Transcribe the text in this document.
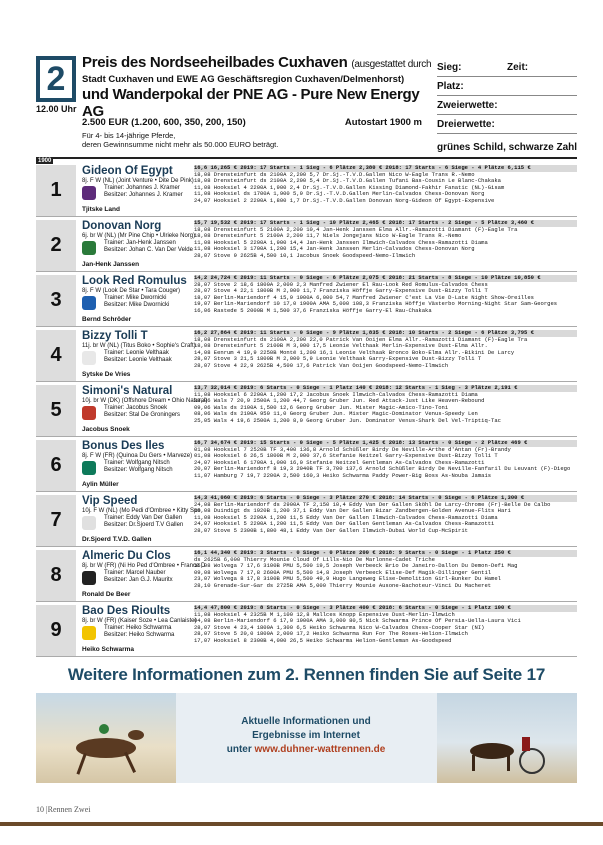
2
12.00 Uhr
Preis des Nordseeheilbades Cuxhaven (ausgestattet durch
Stadt Cuxhaven und EWE AG Geschäftsregion Cuxhaven/Delmenhorst)
und Wanderpokal der PNE AG - Pure New Energy AG
Autostart 1900 m
2.500 EUR (1.200, 600, 350, 200, 150)
Für 4- bis 14-jährige Pferde,
deren Gewinnsumme nicht mehr als 50.000 EURO beträgt.
Sieg:	Zeit:
Platz:
Zweierwette:
Dreierwette:
grünes Schild, schwarze Zahl
1900
1
Gideon Of Egypt
8j. F W (NL) (Joint Venture • Dite De Pink)
Trainer: Johannes J. Kramer
Besitzer: Johannes J. Kramer
Tjitske Land
16,6 16,265 € 2019: 17 Starts - 1 Sieg - 6 Plätze 2,380 € 2018: 17 Starts - 6 Siege - 4 Plätze 6,115 €
18,08 Drensteinfurt ds 2100A 2,200 5,7 Dr.Sj.-T.V.D.Gallen Nico W-Eagle Trans R.-Nemo
18,08 Drensteinfurt ds 2100A 2,200 5,4 Dr.Sj.-T.V.D.Gallen Tufani Bas-Cousin Le Blanc-Chakaka
11,08 Hooksiel 4 2200A 1,900 2,4 Dr.Sj.-T.V.D.Gallen Kissing Diamond-Fakhir Fanatic (NL)-Gisam
11,08 Hooksiel ds 1700A 1,900 5,9 Dr.Sj.-T.V.D.Gallen Merlin-Calvados Chess-Donovan Norg
24,07 Hooksiel 2 2200A 1,800 1,7 Dr.Sj.-T.V.D.Gallen Donovan Norg-Gideon Of Egypt-Expensive
2
Donovan Norg
6j. br W (NL) (Mr Pine Chip • Ulrieke Norg)
Trainer: Jan-Henk Janssen
Besitzer: Johan C. Van Der Velde
Jan-Henk Janssen
15,7 19,532 € 2019: 17 Starts - 1 Sieg - 10 Plätze 2,465 € 2018: 17 Starts - 2 Siege - 5 Plätze 3,460 €
18,08 Drensteinfurt 5 2100A 2,200 10,4 Jan-Henk Janssen Elma Allr.-Ramazotti Diamant (F)-Eagle Tra
18,08 Drensteinfurt 5 2100A 2,200 11,7 Niels Jongejans Nico W-Eagle Trans R.-Nemo
11,08 Hooksiel 5 2200A 1,900 14,4 Jan-Henk Janssen Ilmwich-Calvados Chess-Ramazotti Diama
11,08 Hooksiel 3 1700A 1,200 15,4 Jan-Henk Janssen Merlin-Calvados Chess-Donovan Norg
28,07 Stove 9 2625B 4,500 10,1 Jacobus Snoek Goodspeed-Nemo-Ilmwich
3
Look Red Romulus
8j. F W (Look De Star • Tara Couger)
Trainer: Mike Dwornicki
Besitzer: Mike Dwornicki
Bernd Schröder
14,2 24,724 € 2019: 11 Starts - 0 Siege - 6 Plätze 2,075 € 2018: 21 Starts - 8 Siege - 10 Plätze 10,850 €
28,07 Stove 2 18,6 1800A 2,000 2,3 Manfred Zwiener El Rau-Look Red Romulus-Calvados Chess
28,07 Stove 4 22,1 1800B M 2,000 11,7 Franziska Höffje Garry-Expensive Dust-Bizzy Tolli T
18,07 Berlin-Mariendorf 4 15,9 1900A 6,000 54,7 Manfred Zwiener C'est La Vie D-Late Night Show-Oreilles
19,07 Berlin-Mariendorf 10 17,0 1900A AMA 5,000 108,3 Franziska Höffje Västerbo Morning-Night Star Sam-Georges
16,06 Rastede 5 2000B M 1,500 37,6 Franziska Höffje Garry-El Rau-Chakaka
4
Bizzy Tolli T
11j. br W (NL) (Titus Boko • Sophie's Craft)
Trainer: Leonie Velthaak
Besitzer: Leonie Velthaak
Sytske De Vries
16,2 27,864 € 2019: 11 Starts - 0 Siege - 9 Plätze 1,835 € 2018: 10 Starts - 2 Siege - 6 Plätze 3,795 €
18,08 Drensteinfurt ds 2100A 2,200 22,0 Patrick Van Ooijen Elma Allr.-Ramazotti Diamant (F)-Eagle Tra
18,08 Drensteinfurt 5 2100B M 3,000 17,5 Leonie Velthaak Merlin-Expensive Dust-Elma Allr.
14,08 Eenrum 4 19,9 2250B Monté 1,200 16,1 Leonie Velthaak Bronco Boko-Elma Allr.-Bikini De Larcy
28,07 Stove 3 21,5 1800B M 2,000 5,9 Leonie Velthaak Garry-Expensive Dust-Bizzy Tolli T
28,07 Stove 4 22,9 2625B 4,500 17,6 Patrick Van Ooijen Goodspeed-Nemo-Ilmwich
5
Simoni's Natural
10j. br W (DK) (Offshore Dream • Ohio Natural)
Trainer: Jacobus Snoek
Besitzer: Stal De Groningers
Jacobus Snoek
13,7 32,014 € 2019: 6 Starts - 0 Siege - 1 Platz 140 € 2018: 12 Starts - 1 Sieg - 3 Plätze 2,191 €
11,08 Hooksiel 6 2200A 1,200 17,2 Jacobus Snoek Ilmwich-Calvados Chess-Ramazotti Diama
30,06 Wals 7 20,9 2500A 1,200 44,7 Georg Gruber Jun. Red Attack-Just Like Heaven-Rebound
09,06 Wals ds 2100A 1,500 12,6 Georg Gruber Jun. Mister Magic-Amico-Tino-Toni
08,06 Wals ds 2100A 950 11,0 Georg Gruber Jun. Mister Magic-Dominator Venus-Speedy Len
25,05 Wals 4 19,6 2500A 1,200 8,0 Georg Gruber Jun. Dominator Venus-Shark Del Vel-Triptiq-Tac
6
Bonus Des Iles
8j. F W (FR) (Quinoa Du Gers • Marveze)
Trainer: Wolfgang Nitsch
Besitzer: Wolfgang Nitsch
Aylin Müller
16,7 34,674 € 2019: 15 Starts - 0 Siege - 5 Plätze 1,425 € 2018: 13 Starts - 0 Siege - 2 Plätze 469 €
01,08 Hooksiel 7 2520B TF 3,400 136,8 Arnold Schüßler Birdy De Neville-Arthe d'Antan (Fr)-Brandy
01,08 Hooksiel 6 26,5 1800B M 2,000 37,6 Stefanie Neitzel Garry-Expensive Dust-Bizzy Tolli T
24,07 Hooksiel 6 1700A 1,000 16,0 Stefanie Neitzel Gentleman As-Calvados Chess-Ramazotti
20,07 Berlin-Mariendorf 8 19,3 2040B TF 3,700 137,6 Arnold Schüßler Birdy De Neville-Fanfaril Du Leuvant (F)-Diego
11,07 Hamburg 7 19,7 2200A 2,500 160,3 Heiko Schwarma Paddy Power-Big Boss As-Nouba Jamais
7
Vip Speed
10j. F W (NL) (Mo Pedi d'Ombree • Kitty Spe
Trainer: Eddy Van Der Gallen
Besitzer: Dr.Sjoerd T.V Gallen
Dr.Sjoerd T.V.D. Gallen
14,3 41,060 € 2019: 6 Starts - 0 Siege - 3 Plätze 270 € 2018: 14 Starts - 0 Siege - 6 Plätze 1,300 €
24,08 Berlin-Mariendorf ds 2900A TF 2,150 10,4 Eddy Van Der Gallen Sköhl De Larcy-Chrome (Fr)-Belle De Calbo
15,08 Duindigt ds 1920B 1,200 37,1 Eddy Van Der Gallen Bizar Zandbergen-Golden Avenue-Flits Hari
11,08 Hooksiel 5 2200A 1,200 11,5 Eddy Van Der Gallen Ilmwich-Calvados Chess-Ramazotti Diama
24,07 Hooksiel 5 2200A 1,200 11,5 Eddy Van Der Gallen Gentleman As-Calvados Chess-Ramazotti
28,07 Stove 5 2300B 1,800 48,1 Eddy Van Der Gallen Ilmwich-Dubai World Cup-McSpirit
8
Almeric Du Clos
8j. br W (FR) (Ni Ho Ped d'Ombree • France D
Trainer: Marcel Nauber
Besitzer: Jan G.J. Mauritx
Ronald De Beer
16,1 44,340 € 2019: 3 Starts - 0 Siege - 0 Plätze 200 € 2018: 9 Starts - 0 Siege - 1 Platz 250 €
ds 2625B 6,000 Thierry Mounie Cloud Of Lills-Nio De Marlonne-Cadet Triche
15,08 Wolvega 7 17,6 3100B PMU 5,500 19,5 Joseph Verbeeck Brio De Janeiro-Dallon Du Demon-Defi Mag
09,08 Wolvega 7 17,8 2600A PMU 5,500 14,8 Joseph Verbeeck Elise-Def Magik-Dillinger Gentil
23,07 Wolvega 8 17,8 3100B PMU 5,500 49,9 Hugo Langeweg Elise-Demolition Girl-Bunker Du Hamel
28,10 Grenade-Sur-Gar ds 2725B AMA 5,000 Thierry Mounie Ausone-Bachoteur-Vinci Du Macheret
9
Bao Des Rioults
8j. br W (FR) (Kaiser Soze • Lea Canlaiste)
Trainer: Heiko Schwarma
Besitzer: Heiko Schwarma
Heiko Schwarma
14,4 47,800 € 2019: 8 Starts - 0 Siege - 3 Plätze 400 € 2018: 6 Starts - 0 Siege - 1 Platz 100 €
11,08 Hooksiel 4 2325B M 1,100 12,8 Mallces Knopp Expensive Dust-Merlin-Ilmwich
04,08 Berlin-Mariendorf 6 17,0 1900A AMA 3,000 80,5 Nick Schwarma Prince Of Persia-Uella-Laura Vici
28,07 Stove 4 23,4 1800A 1,300 6,5 Heiko Schwarma Nico W-Calvados Chess-Cooper Star (NI)
28,07 Stove 5 20,0 1800A 2,000 17,2 Heiko Schwarma Run For The Roses-Helion-Ilmwich
17,07 Hooksiel 8 2300B 4,000 26,5 Heiko Schwarma Helion-Gentleman As-Goodspeed
Weitere Informationen zum 2. Rennen finden Sie auf Seite 17
Aktuelle Informationen und
Ergebnisse im Internet
unter www.duhner-wattrennen.de
10 |Rennen Zwei
